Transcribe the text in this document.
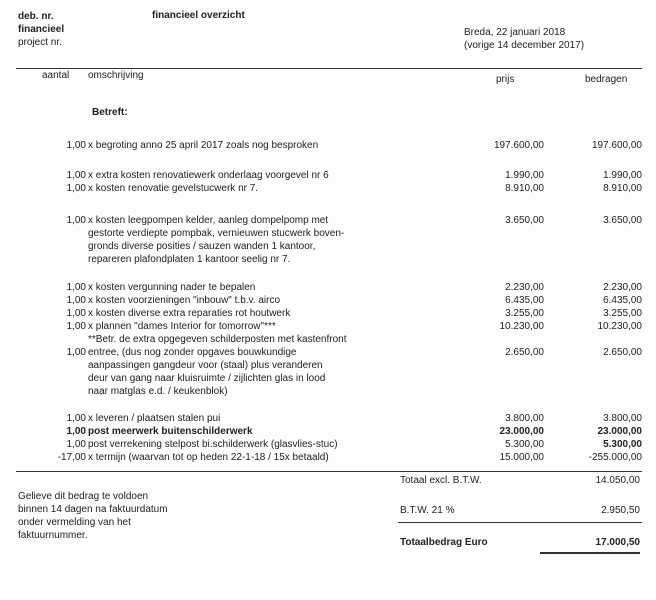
deb. nr.
financieel
project nr.
financieel overzicht
Breda, 22 januari 2018
(vorige 14 december 2017)
aantal omschrijving	prijs	bedragen
Betreft:
1,00 x begroting anno 25 april 2017 zoals nog besproken	197.600,00	197.600,00
1,00 x extra kosten renovatiewerk onderlaag voorgevel nr 6	1.990,00	1.990,00
1,00 x kosten renovatie gevelstucwerk nr 7.	8.910,00	8.910,00
1,00 x kosten leegpompen kelder, aanleg dompelpomp met	3.650,00	3.650,00
gestorte verdiepte pompbak, vernieuwen stucwerk boven-
gronds diverse posities / sauzen wanden 1 kantoor,
repareren plafondplaten 1 kantoor seelig nr 7.
1,00 x kosten vergunning nader te bepalen	2.230,00	2.230,00
1,00 x kosten voorzieningen "inbouw" t.b.v. airco	6.435,00	6.435,00
1,00 x kosten diverse extra reparaties rot houtwerk	3.255,00	3.255,00
1,00 x plannen "dames Interior for tomorrow"***	10.230,00	10.230,00
**Betr. de extra opgegeven schilderposten met kastenfront
1,00 entree, (dus nog zonder opgaves bouwkundige	2.650,00	2.650,00
aanpassingen gangdeur voor (staal) plus veranderen
deur van gang naar kluisruimte / zijlichten glas in lood
naar matglas e.d. / keukenblok)
1,00 x leveren / plaatsen stalen pui	3.800,00	3.800,00
1,00 post meerwerk buitenschilderwerk	23.000,00	23.000,00
1,00 post verrekening stelpost bi.schilderwerk (glasvlies-stuc)	5.300,00	5.300,00
-17,00 x termijn (waarvan tot op heden 22-1-18 / 15x betaald)	15.000,00	-255.000,00
Totaal excl. B.T.W.	14.050,00
B.T.W. 21 %	2.950,50
Totaalbedrag Euro	17.000,50
Gelieve dit bedrag te voldoen
binnen 14 dagen na faktuurdatum
onder vermelding van het
faktuurnummer.
